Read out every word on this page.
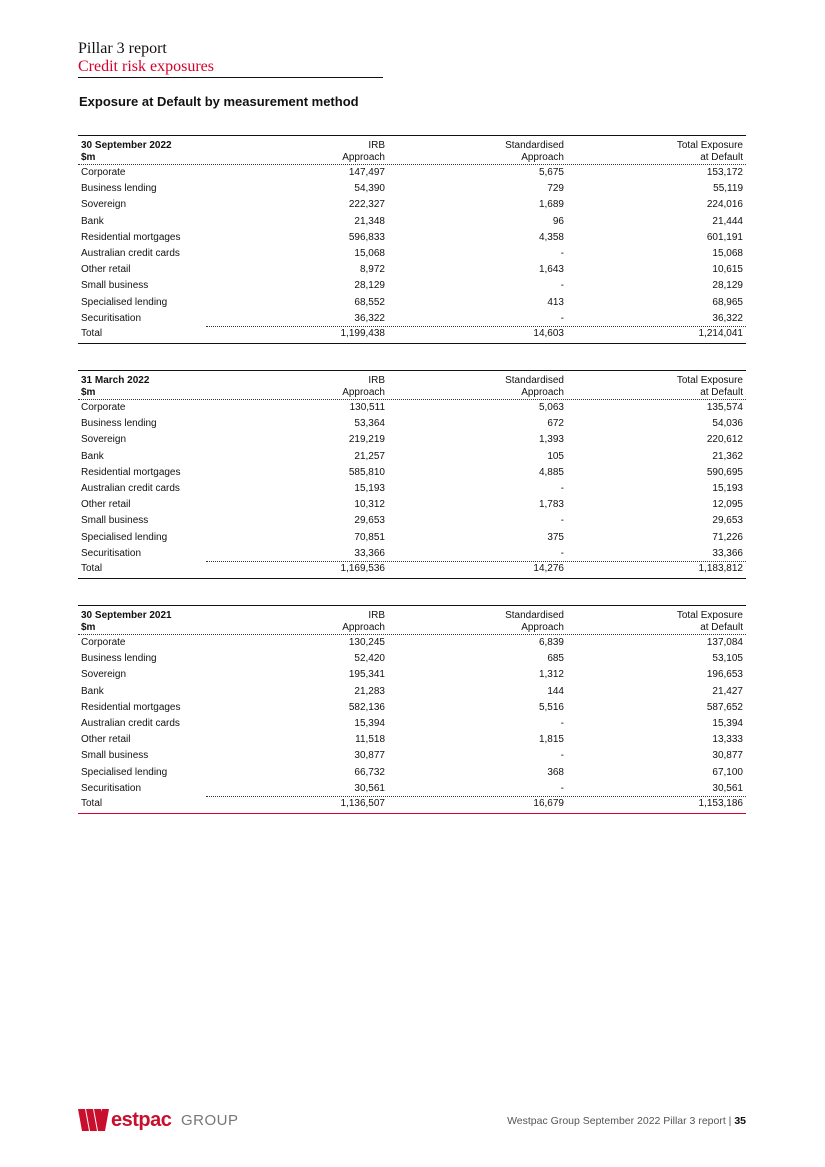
Pillar 3 report
Credit risk exposures
Exposure at Default by measurement method
30 September 2022
$m
IRB
Approach
Standardised
Approach
Total Exposure
at Default
Corporate	147,497	5,675	153,172
Business lending	54,390	729	55,119
Sovereign	222,327	1,689	224,016
Bank	21,348	96	21,444
Residential mortgages	596,833	4,358	601,191
Australian credit cards	15,068	-	15,068
Other retail	8,972	1,643	10,615
Small business	28,129	-	28,129
Specialised lending	68,552	413	68,965
Securitisation	36,322	-	36,322
Total	1,199,438	14,603	1,214,041
31 March 2022
$m
IRB
Approach
Standardised
Approach
Total Exposure
at Default
Corporate	130,511	5,063	135,574
Business lending	53,364	672	54,036
Sovereign	219,219	1,393	220,612
Bank	21,257	105	21,362
Residential mortgages	585,810	4,885	590,695
Australian credit cards	15,193	-	15,193
Other retail	10,312	1,783	12,095
Small business	29,653	-	29,653
Specialised lending	70,851	375	71,226
Securitisation	33,366	-	33,366
Total	1,169,536	14,276	1,183,812
30 September 2021
$m
IRB
Approach
Standardised
Approach
Total Exposure
at Default
Corporate	130,245	6,839	137,084
Business lending	52,420	685	53,105
Sovereign	195,341	1,312	196,653
Bank	21,283	144	21,427
Residential mortgages	582,136	5,516	587,652
Australian credit cards	15,394	-	15,394
Other retail	11,518	1,815	13,333
Small business	30,877	-	30,877
Specialised lending	66,732	368	67,100
Securitisation	30,561	-	30,561
Total	1,136,507	16,679	1,153,186
estpac GROUP	Westpac Group September 2022 Pillar 3 report | 35
